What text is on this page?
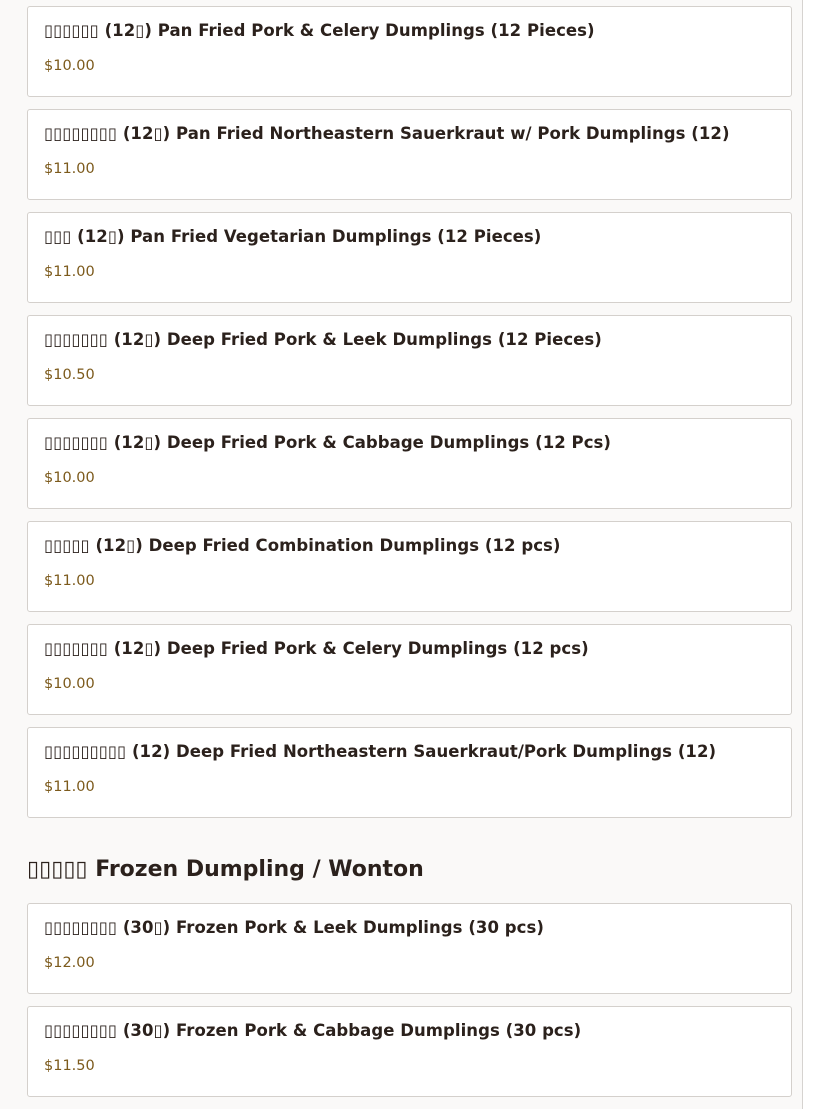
▯▯▯▯▯▯ (12▯) Pan Fried Pork & Celery Dumplings (12 Pieces)
$10.00
▯▯▯▯▯▯▯▯ (12▯) Pan Fried Northeastern Sauerkraut w/ Pork Dumplings (12)
$11.00
▯▯▯ (12▯) Pan Fried Vegetarian Dumplings (12 Pieces)
$11.00
▯▯▯▯▯▯▯ (12▯) Deep Fried Pork & Leek Dumplings (12 Pieces)
$10.50
▯▯▯▯▯▯▯ (12▯) Deep Fried Pork & Cabbage Dumplings (12 Pcs)
$10.00
▯▯▯▯▯ (12▯) Deep Fried Combination Dumplings (12 pcs)
$11.00
▯▯▯▯▯▯▯ (12▯) Deep Fried Pork & Celery Dumplings (12 pcs)
$10.00
▯▯▯▯▯▯▯▯▯ (12) Deep Fried Northeastern Sauerkraut/Pork Dumplings (12)
$11.00
▯▯▯▯▯ Frozen Dumpling / Wonton
▯▯▯▯▯▯▯▯ (30▯) Frozen Pork & Leek Dumplings (30 pcs)
$12.00
▯▯▯▯▯▯▯▯ (30▯) Frozen Pork & Cabbage Dumplings (30 pcs)
$11.50
